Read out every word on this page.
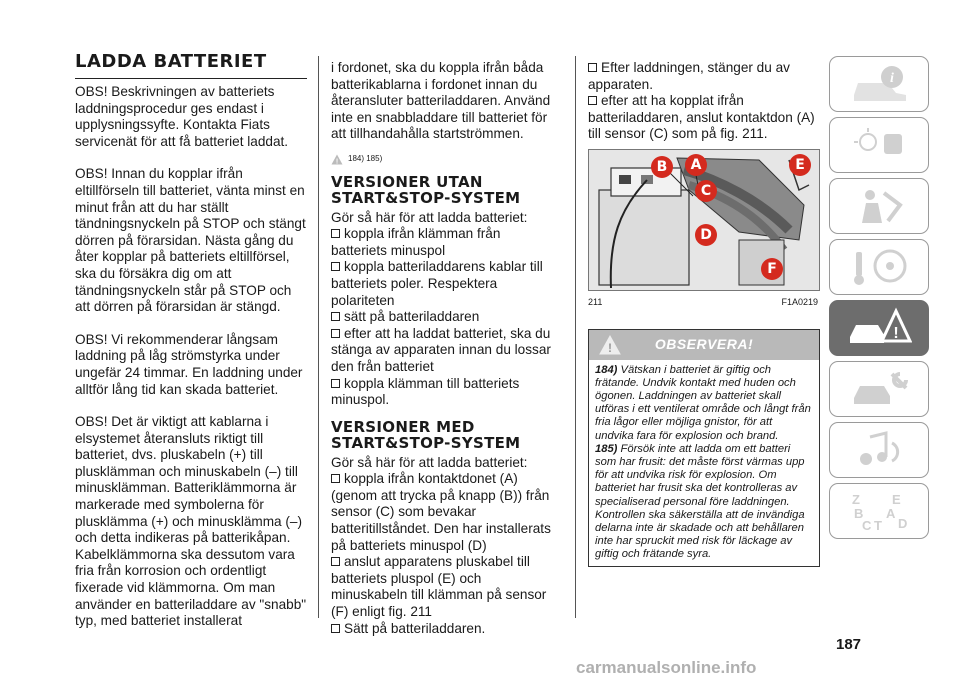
LADDA BATTERIET

OBS! Beskrivningen av batteriets laddningsprocedur ges endast i upplysningssyfte. Kontakta Fiats servicenät för att få batteriet laddat.

OBS! Innan du kopplar ifrån eltillförseln till batteriet, vänta minst en minut från att du har ställt tändningsnyckeln på STOP och stängt dörren på förarsidan. Nästa gång du åter kopplar på batteriets eltillförsel, ska du försäkra dig om att tändningsnyckeln står på STOP och att dörren på förarsidan är stängd.

OBS! Vi rekommenderar långsam laddning på låg strömstyrka under ungefär 24 timmar. En laddning under alltför lång tid kan skada batteriet.

OBS! Det är viktigt att kablarna i elsystemet återansluts riktigt till batteriet, dvs. pluskabeln (+) till plusklämman och minuskabeln (–) till minusklämman. Batteriklämmorna är markerade med symbolerna för plusklämma (+) och minusklämma (–) och detta indikeras på batterikåpan. Kabelklämmorna ska dessutom vara fria från korrosion och ordentligt fixerade vid klämmorna. Om man använder en batteriladdare av "snabb" typ, med batteriet installerat

i fordonet, ska du koppla ifrån båda batterikablarna i fordonet innan du återansluter batteriladdaren. Använd inte en snabbladdare till batteriet för att tillhandahålla startströmmen.

! 184) 185)
VERSIONER UTAN START&STOP-SYSTEM
Gör så här för att ladda batteriet:
koppla ifrån klämman från batteriets minuspol
koppla batteriladdarens kablar till batteriets poler. Respektera polariteten
sätt på batteriladdaren
efter att ha laddat batteriet, ska du stänga av apparaten innan du lossar den från batteriet
koppla klämman till batteriets minuspol.
VERSIONER MED START&STOP-SYSTEM
Gör så här för att ladda batteriet:
koppla ifrån kontaktdonet (A) (genom att trycka på knapp (B)) från sensor (C) som bevakar batteritillståndet. Den har installerats på batteriets minuspol (D)
anslut apparatens pluskabel till batteriets pluspol (E) och minuskabeln till klämman på sensor (F) enligt fig. 211
Sätt på batteriladdaren.
Efter laddningen, stänger du av apparaten.
efter att ha kopplat ifrån batteriladdaren, anslut kontaktdon (A) till sensor (C) som på fig. 211.
B	A
C
D
E
F
211	F1A0219
!	OBSERVERA!
184) Vätskan i batteriet är giftig och frätande. Undvik kontakt med huden och ögonen. Laddningen av batteriet skall utföras i ett ventilerat område och långt från fria lågor eller möjliga gnistor, för att undvika fara för explosion och brand.
185) Försök inte att ladda om ett batteri som har frusit: det måste först värmas upp för att undvika risk för explosion. Om batteriet har frusit ska det kontrolleras av specialiserad personal före laddningen. Kontrollen ska säkerställa att de invändiga delarna inte är skadade och att behållaren inte har spruckit med risk för läckage av giftig och frätande syra.
i
!
Z E
B A
C T D
187
carmanualsonline.info
